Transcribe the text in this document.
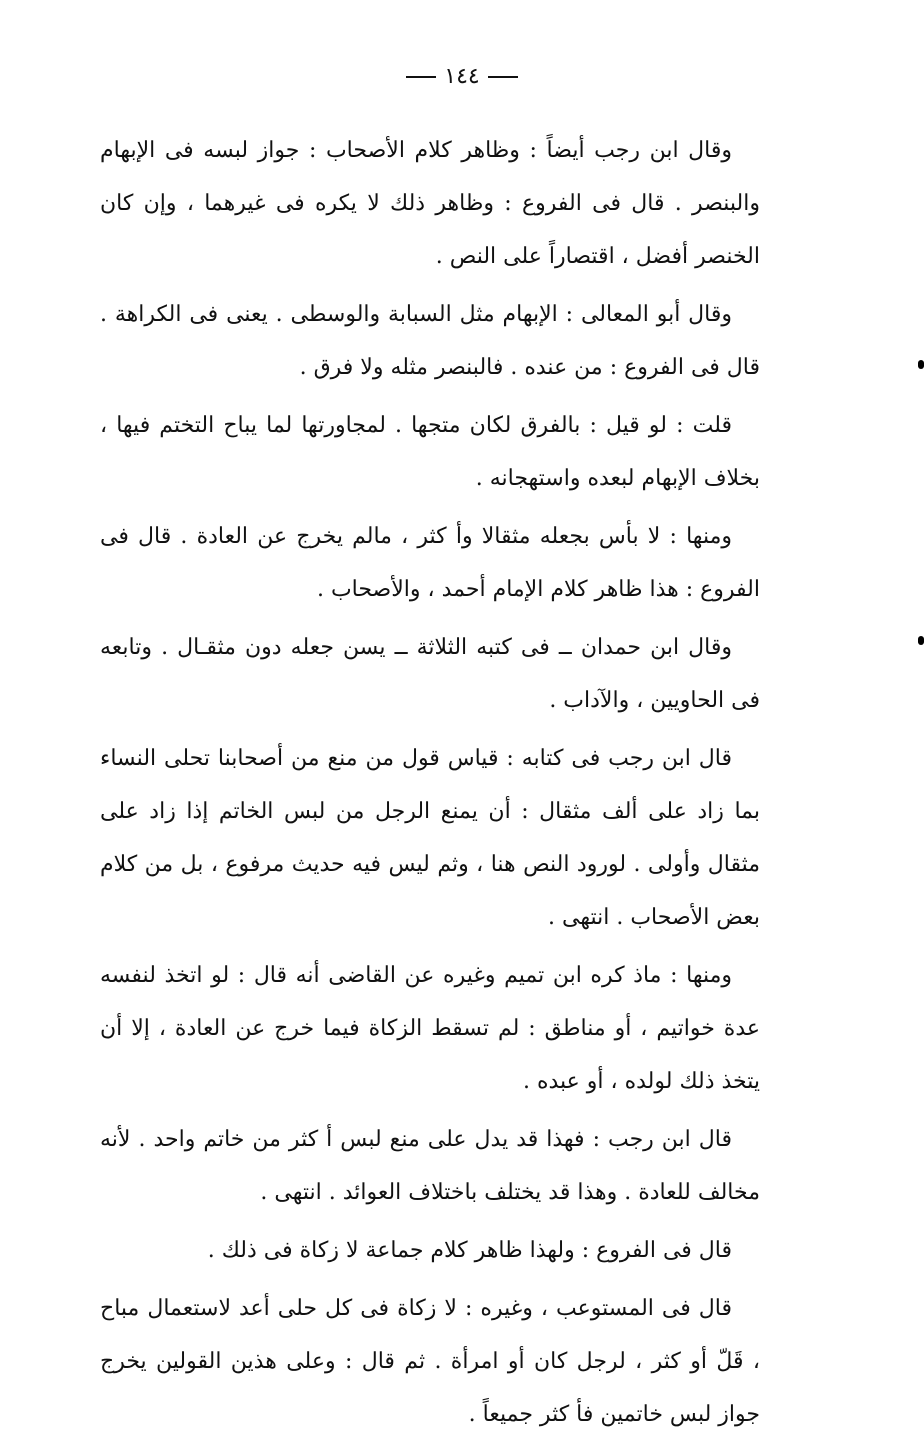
١٤٤

وقال ابن رجب أيضاً : وظاهر كلام الأصحاب : جواز لبسه فى الإبهام والبنصر . قال فى الفروع : وظاهر ذلك لا يكره فى غيرهما ، وإن كان الخنصر أفضل ، اقتصاراً على النص .

وقال أبو المعالى : الإبهام مثل السبابة والوسطى . يعنى فى الكراهة . قال فى الفروع : من عنده . فالبنصر مثله ولا فرق .

قلت : لو قيل : بالفرق لكان متجها . لمجاورتها لما يباح التختم فيها ، بخلاف الإبهام لبعده واستهجانه .

ومنها : لا بأس بجعله مثقالا وأ كثر ، مالم يخرج عن العادة . قال فى الفروع : هذا ظاهر كلام الإمام أحمد ، والأصحاب .

وقال ابن حمدان ــ فى كتبه الثلاثة ــ يسن جعله دون مثقـال . وتابعه فى الحاويين ، والآداب .

قال ابن رجب فى كتابه : قياس قول من منع من أصحابنا تحلى النساء بما زاد على ألف مثقال : أن يمنع الرجل من لبس الخاتم إذا زاد على مثقال وأولى . لورود النص هنا ، وثم ليس فيه حديث مرفوع ، بل من كلام بعض الأصحاب . انتهى .

ومنها : ماذ كره ابن تميم وغيره عن القاضى أنه قال : لو اتخذ لنفسه عدة خواتيم ، أو مناطق : لم تسقط الزكاة فيما خرج عن العادة ، إلا أن يتخذ ذلك لولده ، أو عبده .

قال ابن رجب : فهذا قد يدل على منع لبس أ كثر من خاتم واحد . لأنه مخالف للعادة . وهذا قد يختلف باختلاف العوائد . انتهى .

قال فى الفروع : ولهذا ظاهر كلام جماعة لا زكاة فى ذلك .

قال فى المستوعب ، وغيره : لا زكاة فى كل حلى أعد لاستعمال مباح ، قَلّ أو كثر ، لرجل كان أو امرأة . ثم قال : وعلى هذين القولين يخرج جواز لبس خاتمين فأ كثر جميعاً .
